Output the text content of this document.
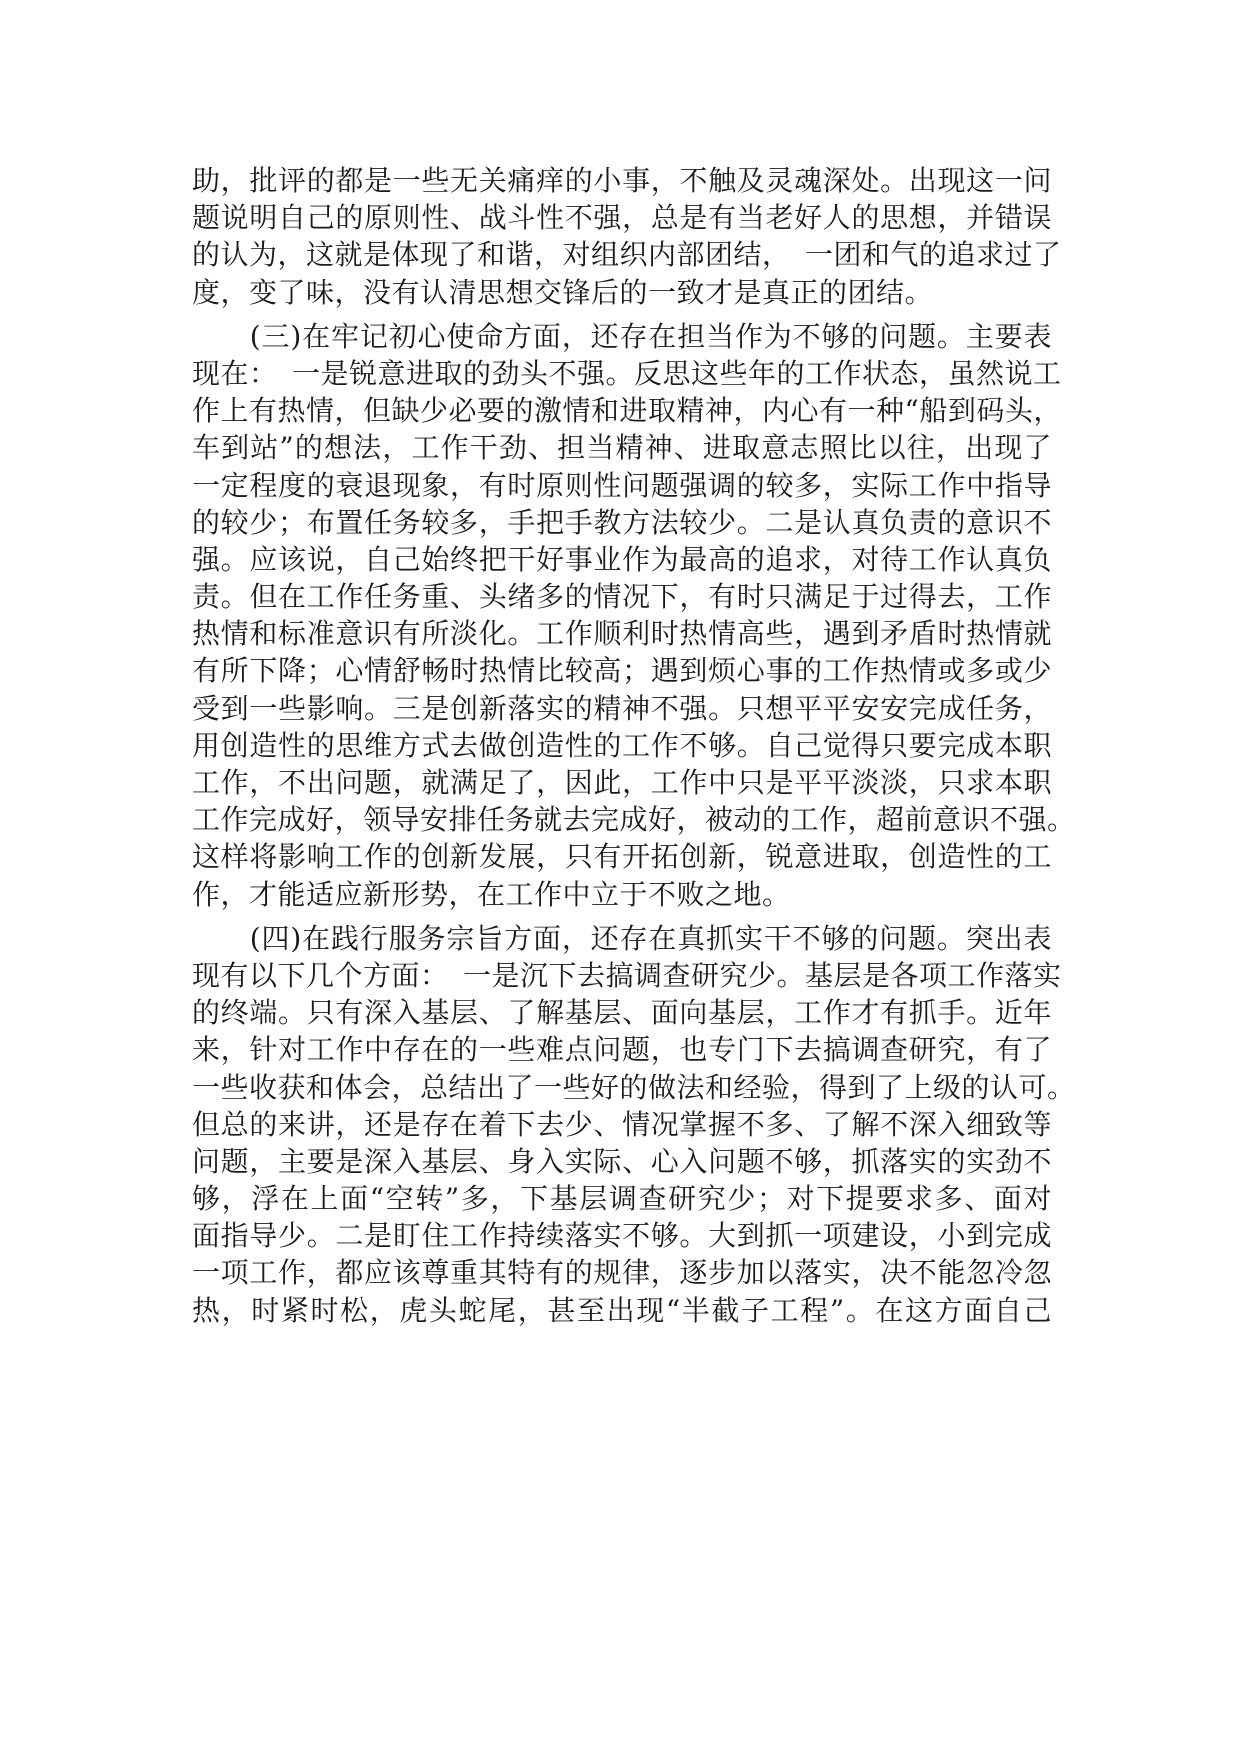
助，批评的都是一些无关痛痒的小事，不触及灵魂深处。出现这一问
题说明自己的原则性、战斗性不强，总是有当老好人的思想，并错误
的认为，这就是体现了和谐，对组织内部团结，　一团和气的追求过了
度，变了味，没有认清思想交锋后的一致才是真正的团结。
　　(三)在牢记初心使命方面，还存在担当作为不够的问题。主要表
现在：　一是锐意进取的劲头不强。反思这些年的工作状态，虽然说工
作上有热情，但缺少必要的激情和进取精神，内心有一种“船到码头，
车到站”的想法，工作干劲、担当精神、进取意志照比以往，出现了
一定程度的衰退现象，有时原则性问题强调的较多，实际工作中指导
的较少；布置任务较多，手把手教方法较少。二是认真负责的意识不
强。应该说，自己始终把干好事业作为最高的追求，对待工作认真负
责。但在工作任务重、头绪多的情况下，有时只满足于过得去，工作
热情和标准意识有所淡化。工作顺利时热情高些，遇到矛盾时热情就
有所下降；心情舒畅时热情比较高；遇到烦心事的工作热情或多或少
受到一些影响。三是创新落实的精神不强。只想平平安安完成任务，
用创造性的思维方式去做创造性的工作不够。自己觉得只要完成本职
工作，不出问题，就满足了，因此，工作中只是平平淡淡，只求本职
工作完成好，领导安排任务就去完成好，被动的工作，超前意识不强。
这样将影响工作的创新发展，只有开拓创新，锐意进取，创造性的工
作，才能适应新形势，在工作中立于不败之地。
　　(四)在践行服务宗旨方面，还存在真抓实干不够的问题。突出表
现有以下几个方面：　一是沉下去搞调查研究少。基层是各项工作落实
的终端。只有深入基层、了解基层、面向基层，工作才有抓手。近年
来，针对工作中存在的一些难点问题，也专门下去搞调查研究，有了
一些收获和体会，总结出了一些好的做法和经验，得到了上级的认可。
但总的来讲，还是存在着下去少、情况掌握不多、了解不深入细致等
问题，主要是深入基层、身入实际、心入问题不够，抓落实的实劲不
够，浮在上面“空转”多，下基层调查研究少；对下提要求多、面对
面指导少。二是盯住工作持续落实不够。大到抓一项建设，小到完成
一项工作，都应该尊重其特有的规律，逐步加以落实，决不能忽冷忽
热，时紧时松，虎头蛇尾，甚至出现“半截子工程”。在这方面自己
